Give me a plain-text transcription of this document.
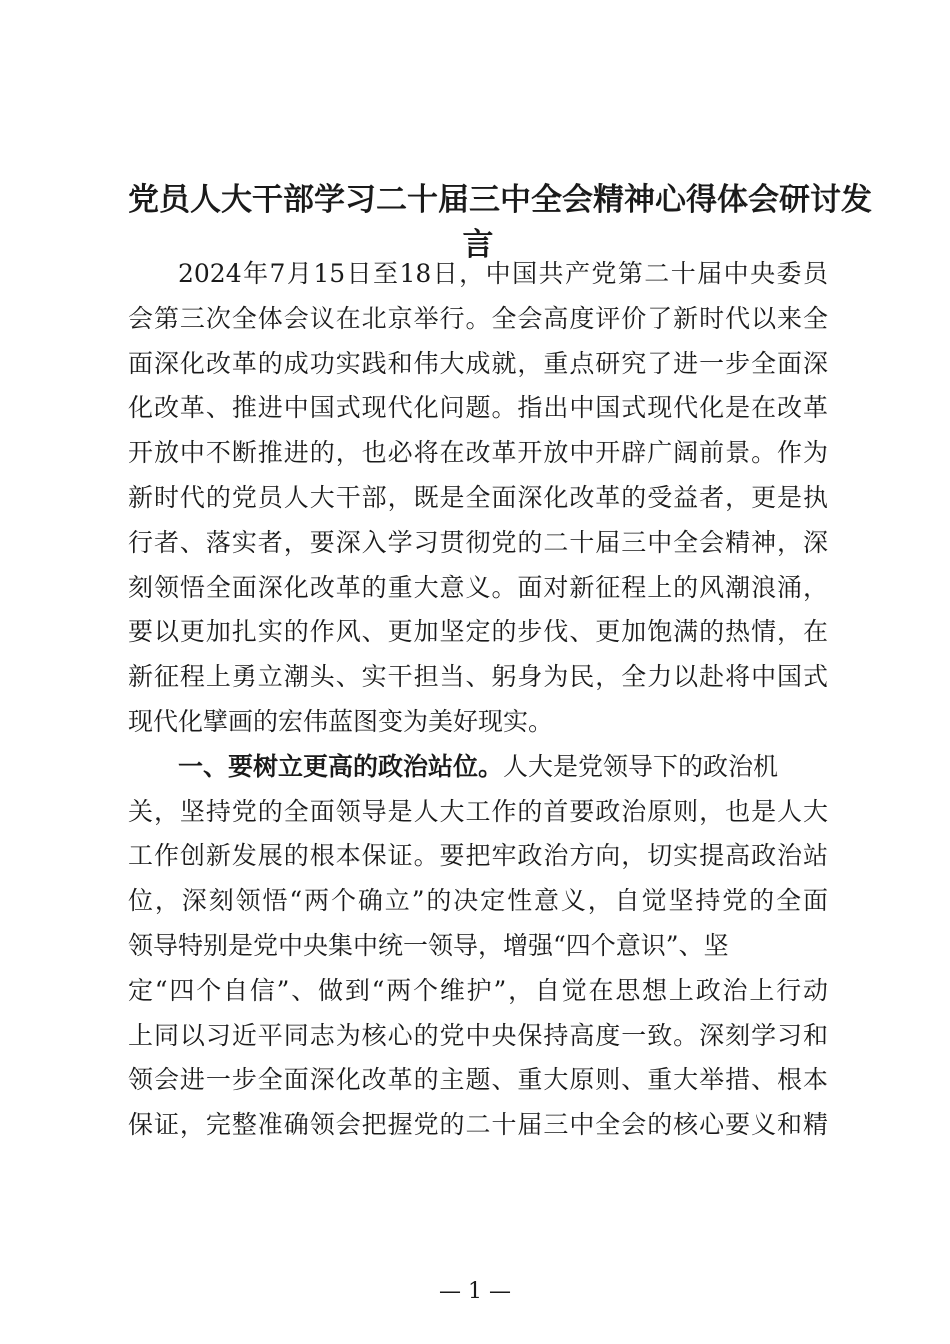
党员人大干部学习二十届三中全会精神心得体会研讨发
言
2024年7月15日至18日，中国共产党第二十届中央委员
会第三次全体会议在北京举行。全会高度评价了新时代以来全
面深化改革的成功实践和伟大成就，重点研究了进一步全面深
化改革、推进中国式现代化问题。指出中国式现代化是在改革
开放中不断推进的，也必将在改革开放中开辟广阔前景。作为
新时代的党员人大干部，既是全面深化改革的受益者，更是执
行者、落实者，要深入学习贯彻党的二十届三中全会精神，深
刻领悟全面深化改革的重大意义。面对新征程上的风潮浪涌，
要以更加扎实的作风、更加坚定的步伐、更加饱满的热情，在
新征程上勇立潮头、实干担当、躬身为民，全力以赴将中国式
现代化擘画的宏伟蓝图变为美好现实。
一、要树立更高的政治站位。人大是党领导下的政治机
关，坚持党的全面领导是人大工作的首要政治原则，也是人大
工作创新发展的根本保证。要把牢政治方向，切实提高政治站
位，深刻领悟“两个确立”的决定性意义，自觉坚持党的全面
领导特别是党中央集中统一领导，增强“四个意识”、坚
定“四个自信”、做到“两个维护”，自觉在思想上政治上行动
上同以习近平同志为核心的党中央保持高度一致。深刻学习和
领会进一步全面深化改革的主题、重大原则、重大举措、根本
保证，完整准确领会把握党的二十届三中全会的核心要义和精
— 1 —
